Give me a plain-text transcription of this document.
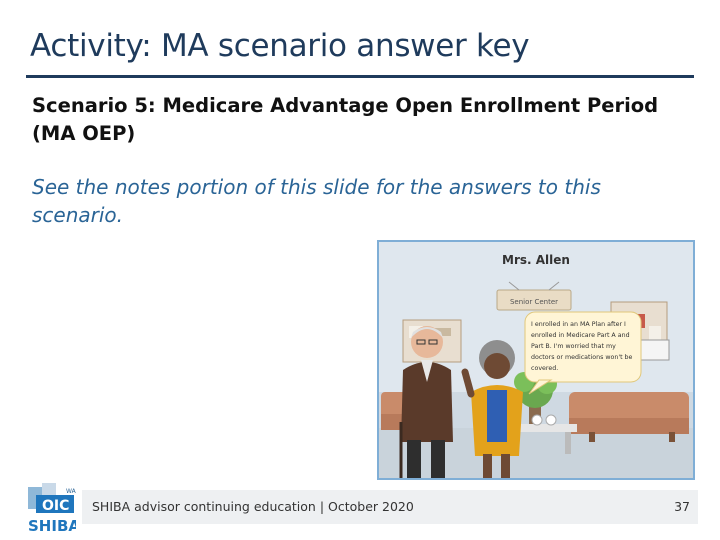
Activity: MA scenario answer key
Scenario 5: Medicare Advantage Open Enrollment Period (MA OEP)
See the notes portion of this slide for the answers to this scenario.
Mrs. Allen
Senior Center
I enrolled in an MA Plan after I
enrolled in Medicare Part A and
Part B. I'm worried that my
doctors or medications won't be
covered.
WA
OIC
SHIBA
SHIBA advisor continuing education | October 2020	37
